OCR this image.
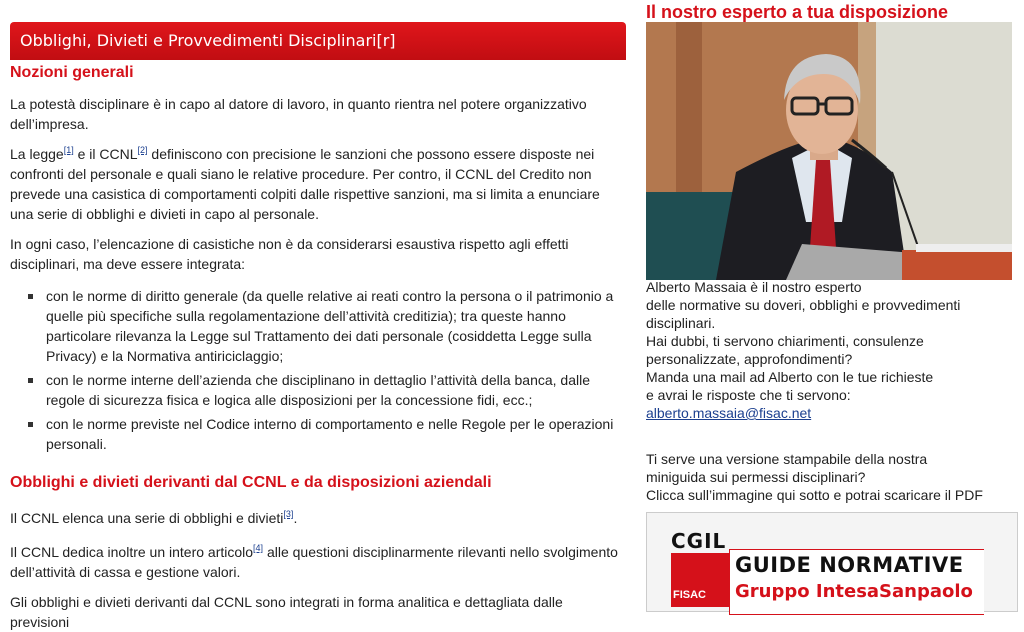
Obblighi, Divieti e Provvedimenti Disciplinari[r]
Nozioni generali

La potestà disciplinare è in capo al datore di lavoro, in quanto rientra nel potere organizzativo dell’impresa.

La legge[1] e il CCNL[2] definiscono con precisione le sanzioni che possono essere disposte nei confronti del personale e quali siano le relative procedure. Per contro, il CCNL del Credito non prevede una casistica di comportamenti colpiti dalle rispettive sanzioni, ma si limita a enunciare una serie di obblighi e divieti in capo al personale.

In ogni caso, l’elencazione di casistiche non è da considerarsi esaustiva rispetto agli effetti disciplinari, ma deve essere integrata:

con le norme di diritto generale (da quelle relative ai reati contro la persona o il patrimonio a quelle più specifiche sulla regolamentazione dell’attività creditizia); tra queste hanno particolare rilevanza la Legge sul Trattamento dei dati personale (cosiddetta Legge sulla Privacy) e la Normativa antiriciclaggio;
con le norme interne dell’azienda che disciplinano in dettaglio l’attività della banca, dalle regole di sicurezza fisica e logica alle disposizioni per la concessione fidi, ecc.;
con le norme previste nel Codice interno di comportamento e nelle Regole per le operazioni personali.
Obblighi e divieti derivanti dal CCNL e da disposizioni aziendali

Il CCNL elenca una serie di obblighi e divieti[3].

Il CCNL dedica inoltre un intero articolo[4] alle questioni disciplinarmente rilevanti nello svolgimento dell’attività di cassa e gestione valori.

Gli obblighi e divieti derivanti dal CCNL sono integrati in forma analitica e dettagliata dalle previsioni

Il nostro esperto a tua disposizione
Alberto Massaia è il nostro esperto
delle normative su doveri, obblighi e provvedimenti
disciplinari.
Hai dubbi, ti servono chiarimenti, consulenze
personalizzate, approfondimenti?
Manda una mail ad Alberto con le tue richieste
e avrai le risposte che ti servono:
alberto.massaia@fisac.net
Ti serve una versione stampabile della nostra
miniguida sui permessi disciplinari?
Clicca sull’immagine qui sotto e potrai scaricare il PDF
CGIL
FISAC
GUIDE NORMATIVE
Gruppo IntesaSanpaolo
